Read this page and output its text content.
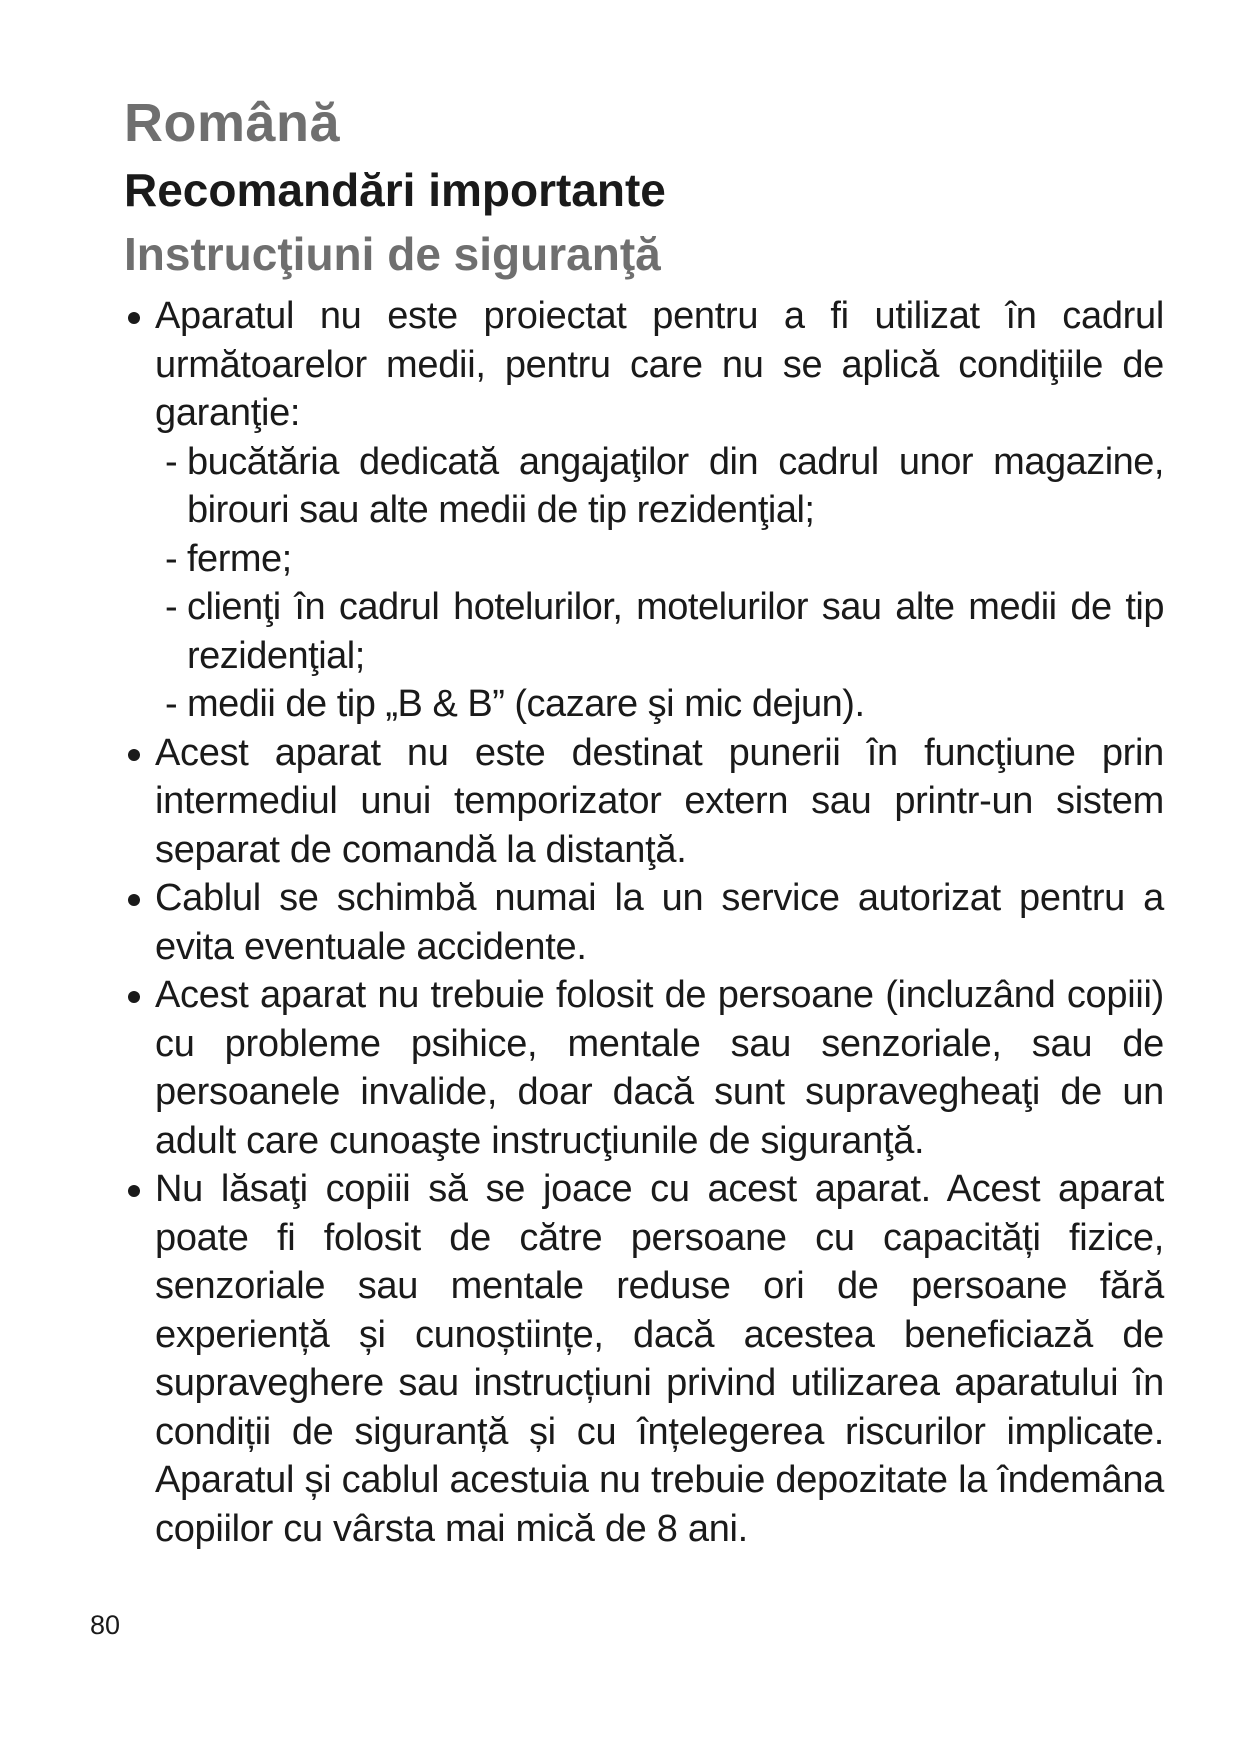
Română
Recomandări importante
Instrucţiuni de siguranţă
Aparatul nu este proiectat pentru a fi utilizat în cadrul următoarelor medii, pentru care nu se aplică condiţiile de garanţie:
- bucătăria dedicată angajaţilor din cadrul unor magazine, birouri sau alte medii de tip rezidenţial;
- ferme;
- clienţi în cadrul hotelurilor, motelurilor sau alte medii de tip rezidenţial;
- medii de tip „B & B” (cazare şi mic dejun).
Acest aparat nu este destinat punerii în funcţiune prin intermediul unui temporizator extern sau printr-un sistem separat de comandă la distanţă.
Cablul se schimbă numai la un service autorizat pentru a evita eventuale accidente.
Acest aparat nu trebuie folosit de persoane (incluzând copiii) cu probleme psihice, mentale sau senzoriale, sau de persoanele invalide, doar dacă sunt supravegheaţi de un adult care cunoaşte instrucţiunile de siguranţă.
Nu lăsaţi copiii să se joace cu acest aparat. Acest aparat poate fi folosit de către persoane cu capacități fizice, senzoriale sau mentale reduse ori de persoane fără experiență și cunoștiințe, dacă acestea beneficiază de supraveghere sau instrucțiuni privind utilizarea aparatului în condiții de siguranță și cu înțelegerea riscurilor implicate. Aparatul și cablul acestuia nu trebuie depozitate la îndemâna copiilor cu vârsta mai mică de 8 ani.
80
